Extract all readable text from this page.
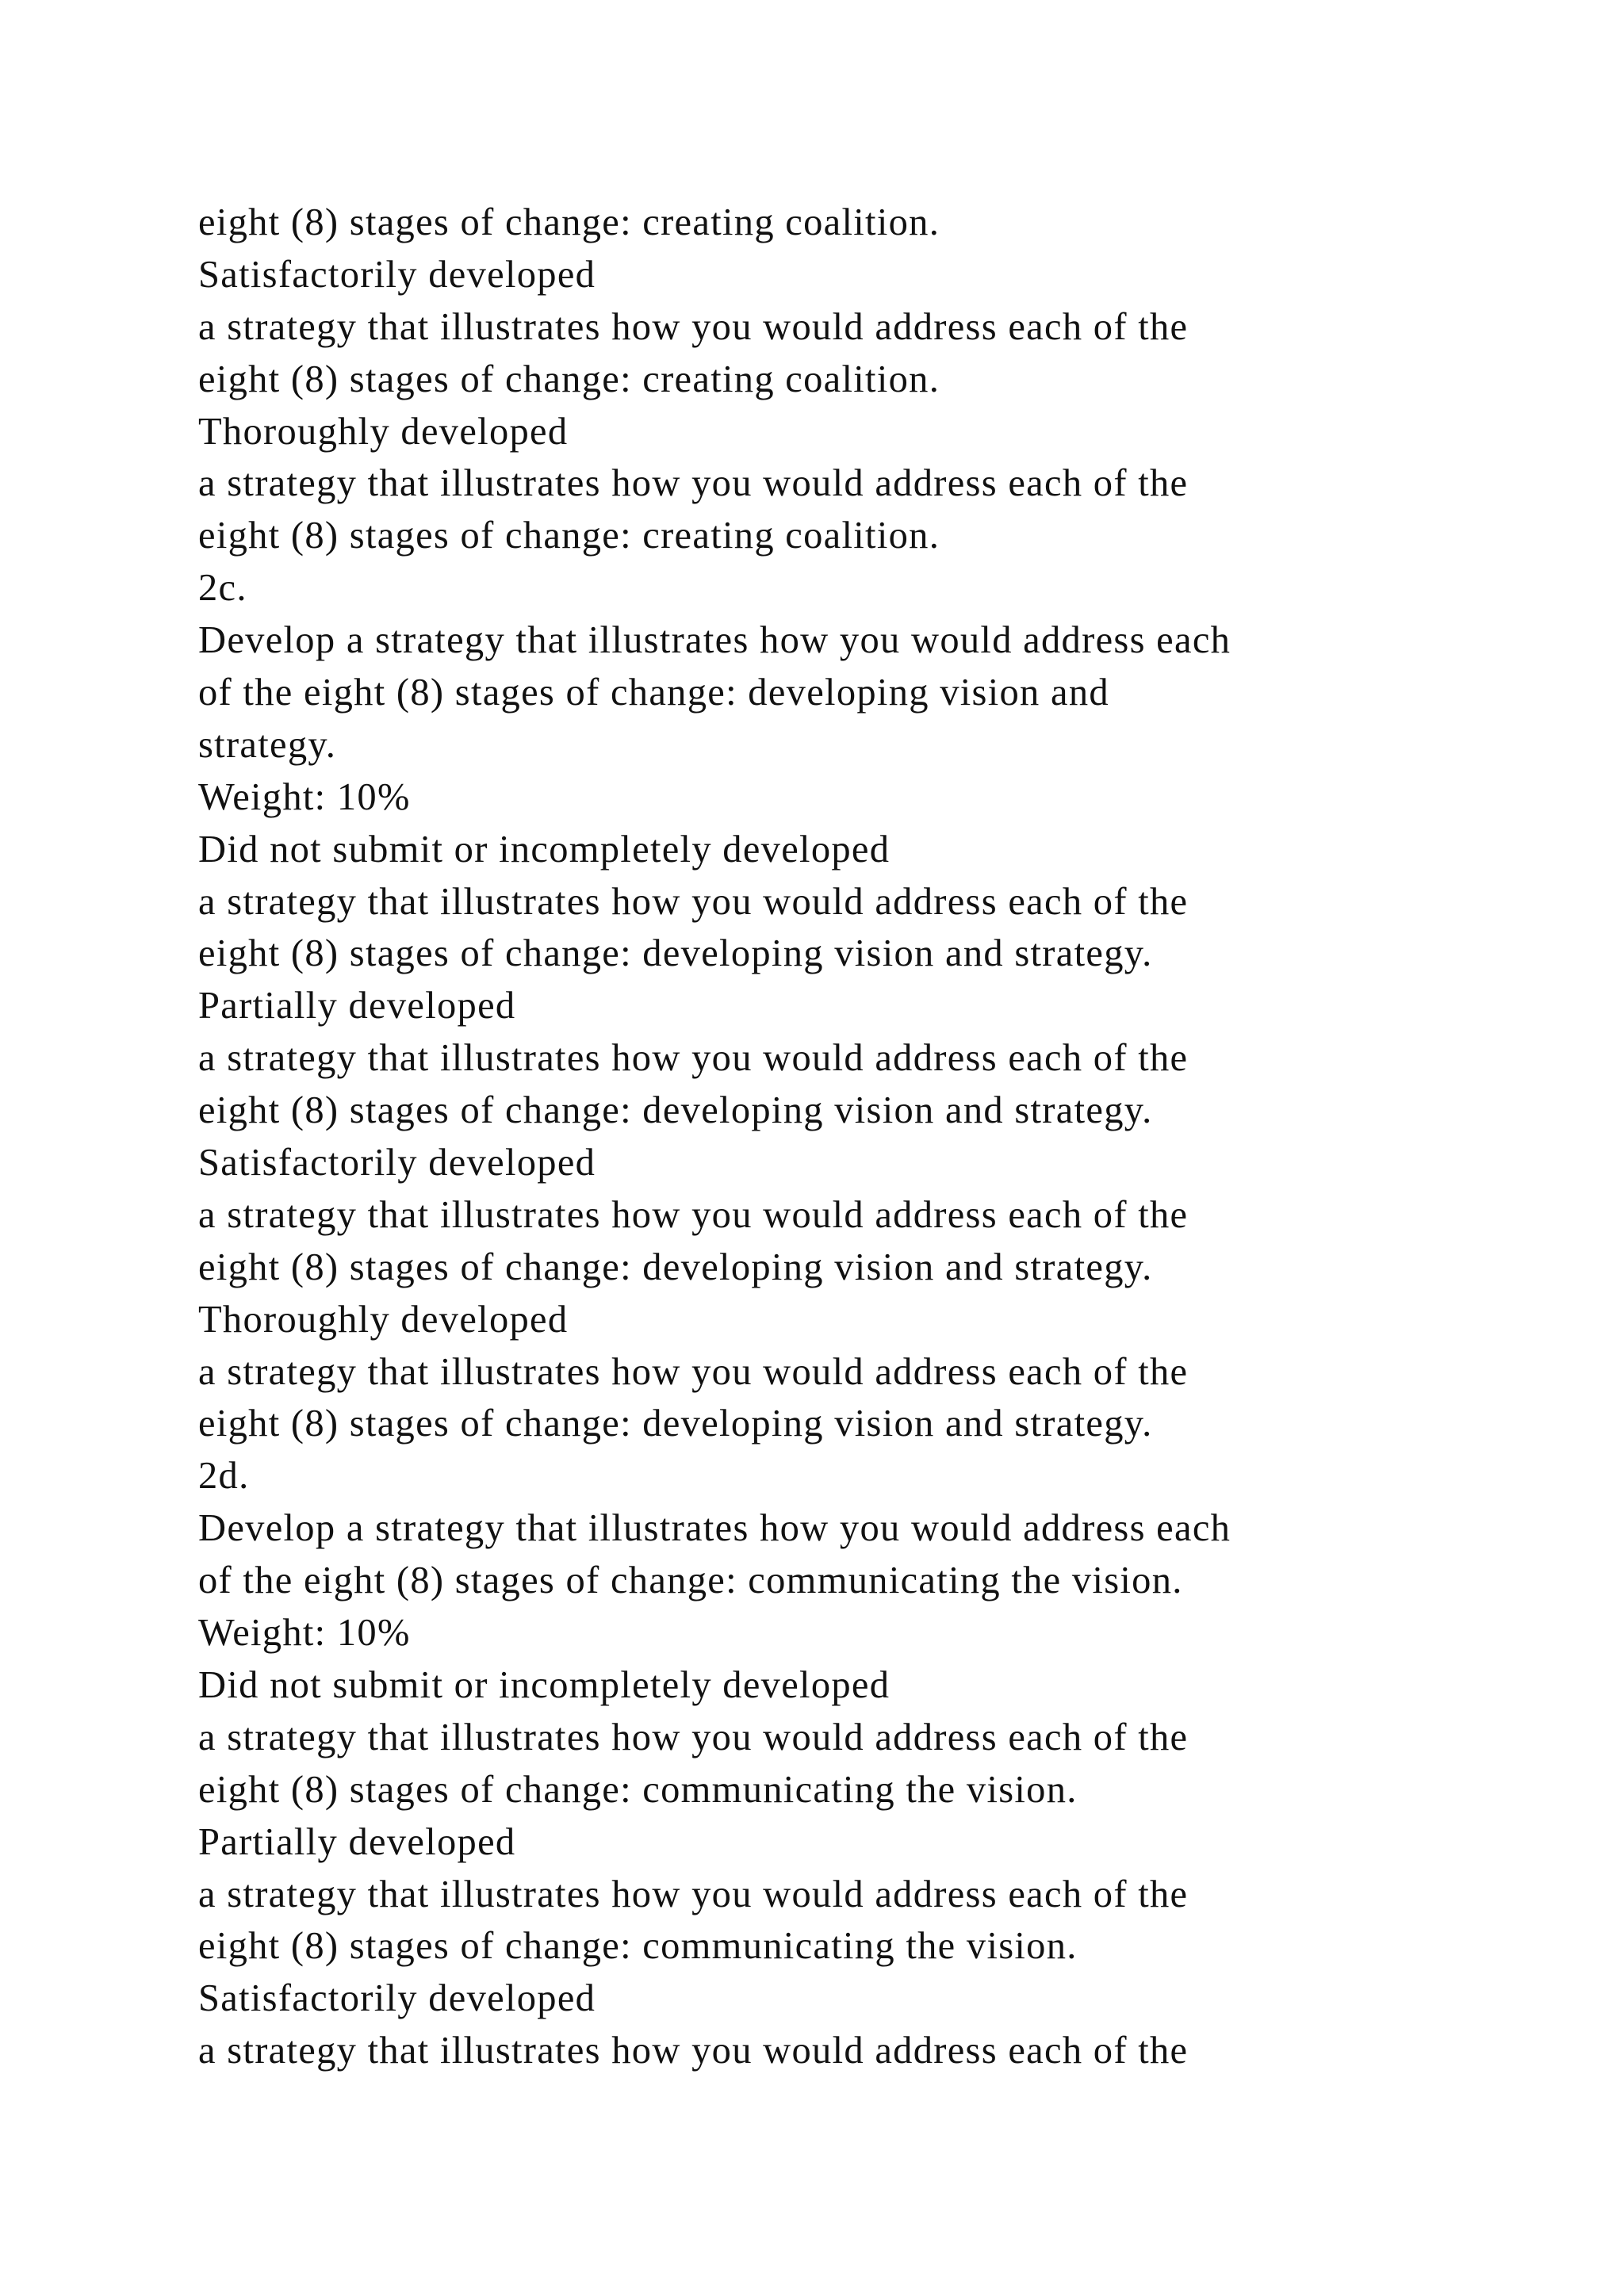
eight (8) stages of change: creating coalition.
Satisfactorily developed
a strategy that illustrates how you would address each of the
eight (8) stages of change: creating coalition.
Thoroughly developed
a strategy that illustrates how you would address each of the
eight (8) stages of change: creating coalition.
2c.
Develop a strategy that illustrates how you would address each
of the eight (8) stages of change: developing vision and
strategy.
Weight: 10%
Did not submit or incompletely developed
a strategy that illustrates how you would address each of the
eight (8) stages of change: developing vision and strategy.
Partially developed
a strategy that illustrates how you would address each of the
eight (8) stages of change: developing vision and strategy.
Satisfactorily developed
a strategy that illustrates how you would address each of the
eight (8) stages of change: developing vision and strategy.
Thoroughly developed
a strategy that illustrates how you would address each of the
eight (8) stages of change: developing vision and strategy.
2d.
Develop a strategy that illustrates how you would address each
of the eight (8) stages of change: communicating the vision.
Weight: 10%
Did not submit or incompletely developed
a strategy that illustrates how you would address each of the
eight (8) stages of change: communicating the vision.
Partially developed
a strategy that illustrates how you would address each of the
eight (8) stages of change: communicating the vision.
Satisfactorily developed
a strategy that illustrates how you would address each of the
